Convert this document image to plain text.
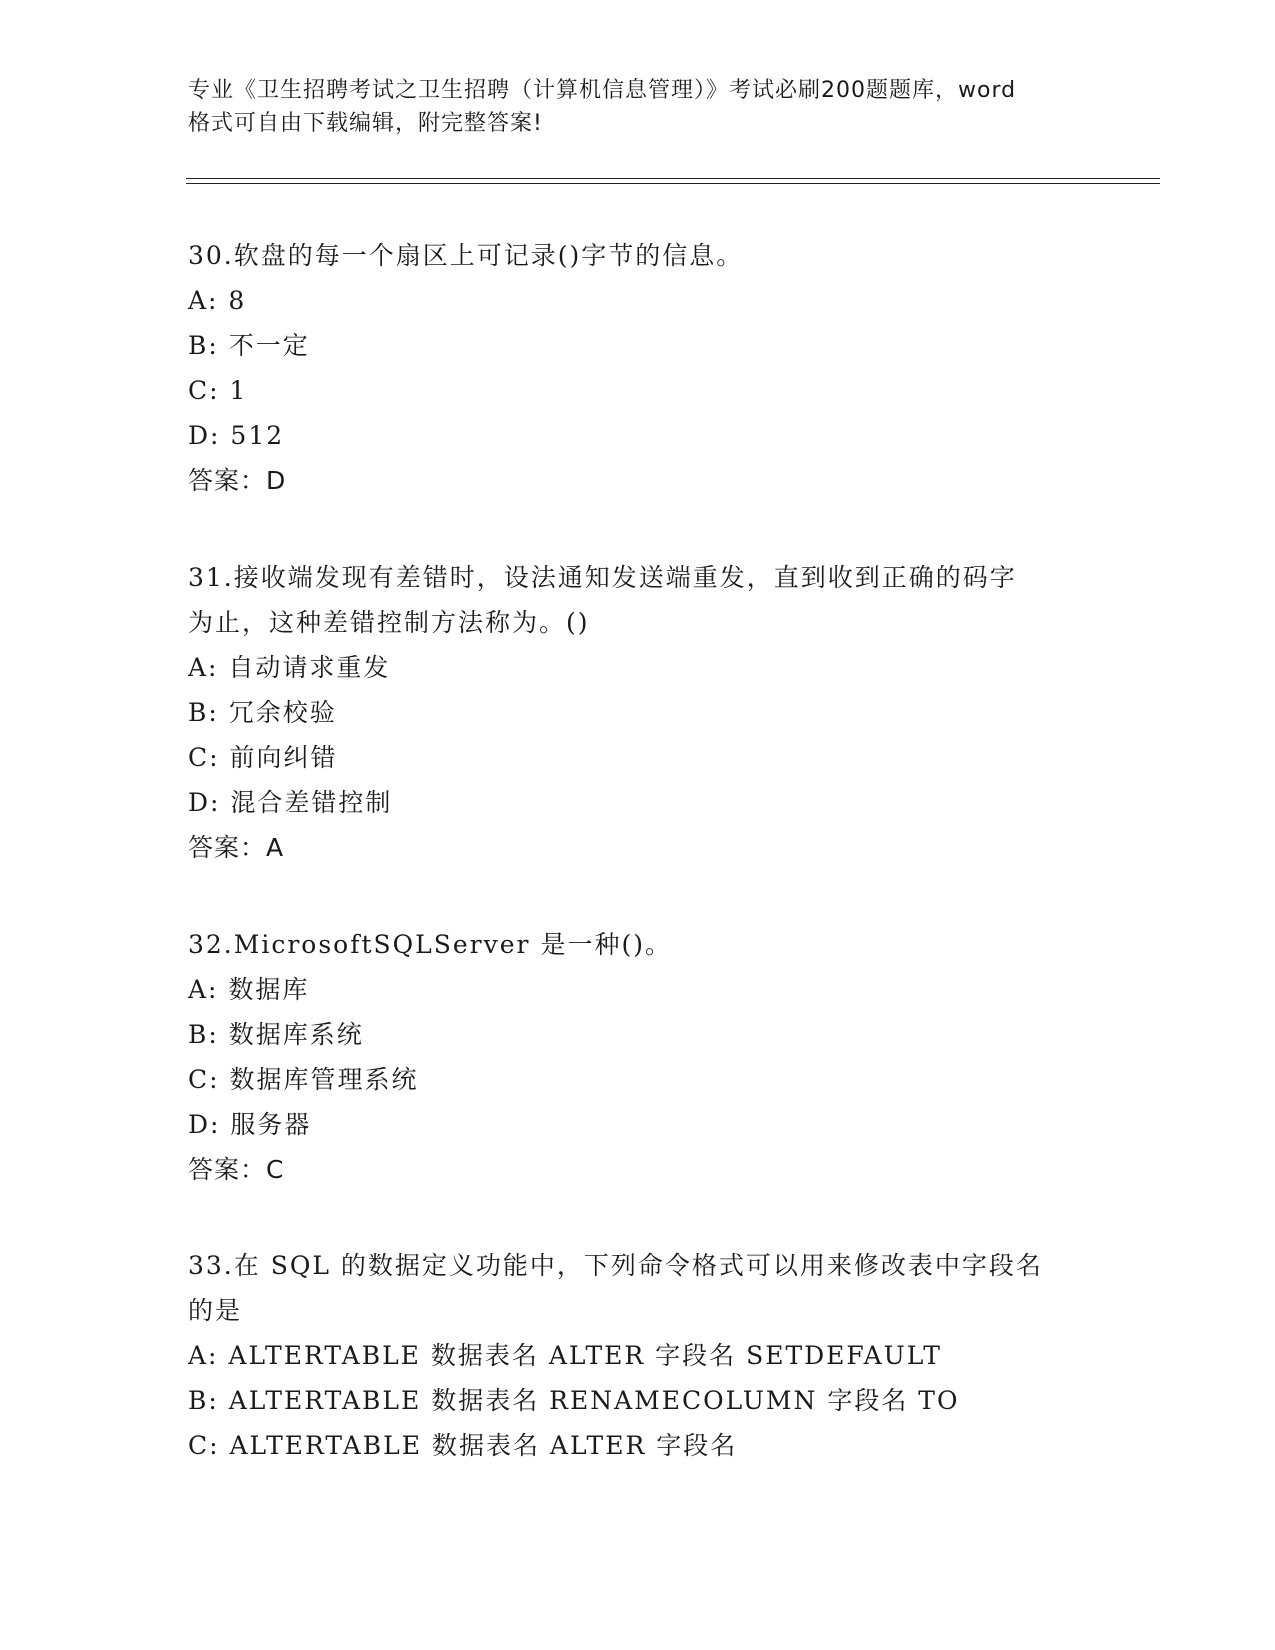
专业《卫生招聘考试之卫生招聘（计算机信息管理）》考试必刷200题题库，word
格式可自由下载编辑，附完整答案!

30.软盘的每一个扇区上可记录()字节的信息。

A: 8

B: 不一定

C: 1

D: 512

答案：D

31.接收端发现有差错时，设法通知发送端重发，直到收到正确的码字

为止，这种差错控制方法称为。()

A: 自动请求重发

B: 冗余校验

C: 前向纠错

D: 混合差错控制

答案：A

32.MicrosoftSQLServer 是一种()。

A: 数据库

B: 数据库系统

C: 数据库管理系统

D: 服务器

答案：C

33.在 SQL 的数据定义功能中，下列命令格式可以用来修改表中字段名

的是

A: ALTERTABLE 数据表名 ALTER 字段名 SETDEFAULT

B: ALTERTABLE 数据表名 RENAMECOLUMN 字段名 TO

C: ALTERTABLE 数据表名 ALTER 字段名
